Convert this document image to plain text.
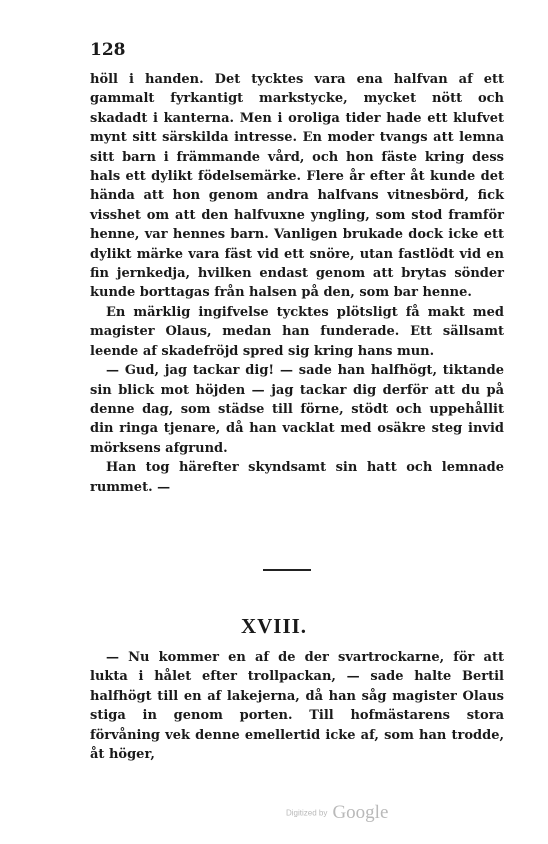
128

höll i handen. Det tycktes vara ena halfvan af ett gammalt fyrkantigt markstycke, mycket nött och skadadt i kanterna. Men i oroliga tider hade ett klufvet mynt sitt särskilda intresse. En moder tvangs att lemna sitt barn i främmande vård, och hon fäste kring dess hals ett dylikt födelsemärke. Flere år efter åt kunde det hända att hon genom andra halfvans vitnesbörd, fick visshet om att den halfvuxne yngling, som stod framför henne, var hennes barn. Vanligen brukade dock icke ett dylikt märke vara fäst vid ett snöre, utan fastlödt vid en fin jernkedja, hvilken endast genom att brytas sönder kunde borttagas från halsen på den, som bar henne.

En märklig ingifvelse tycktes plötsligt få makt med magister Olaus, medan han funderade. Ett sällsamt leende af skadefröjd spred sig kring hans mun.

— Gud, jag tackar dig! — sade han halfhögt, tiktande sin blick mot höjden — jag tackar dig derför att du på denne dag, som städse till förne, stödt och uppehållit din ringa tjenare, då han vacklat med osäkre steg invid mörksens afgrund.

Han tog härefter skyndsamt sin hatt och lemnade rummet. —

XVIII.

— Nu kommer en af de der svartrockarne, för att lukta i hålet efter trollpackan, — sade halte Bertil halfhögt till en af lakejerna, då han såg magister Olaus stiga in genom porten. Till hofmästarens stora förvåning vek denne emellertid icke af, som han trodde, åt höger,

Digitized by Google
